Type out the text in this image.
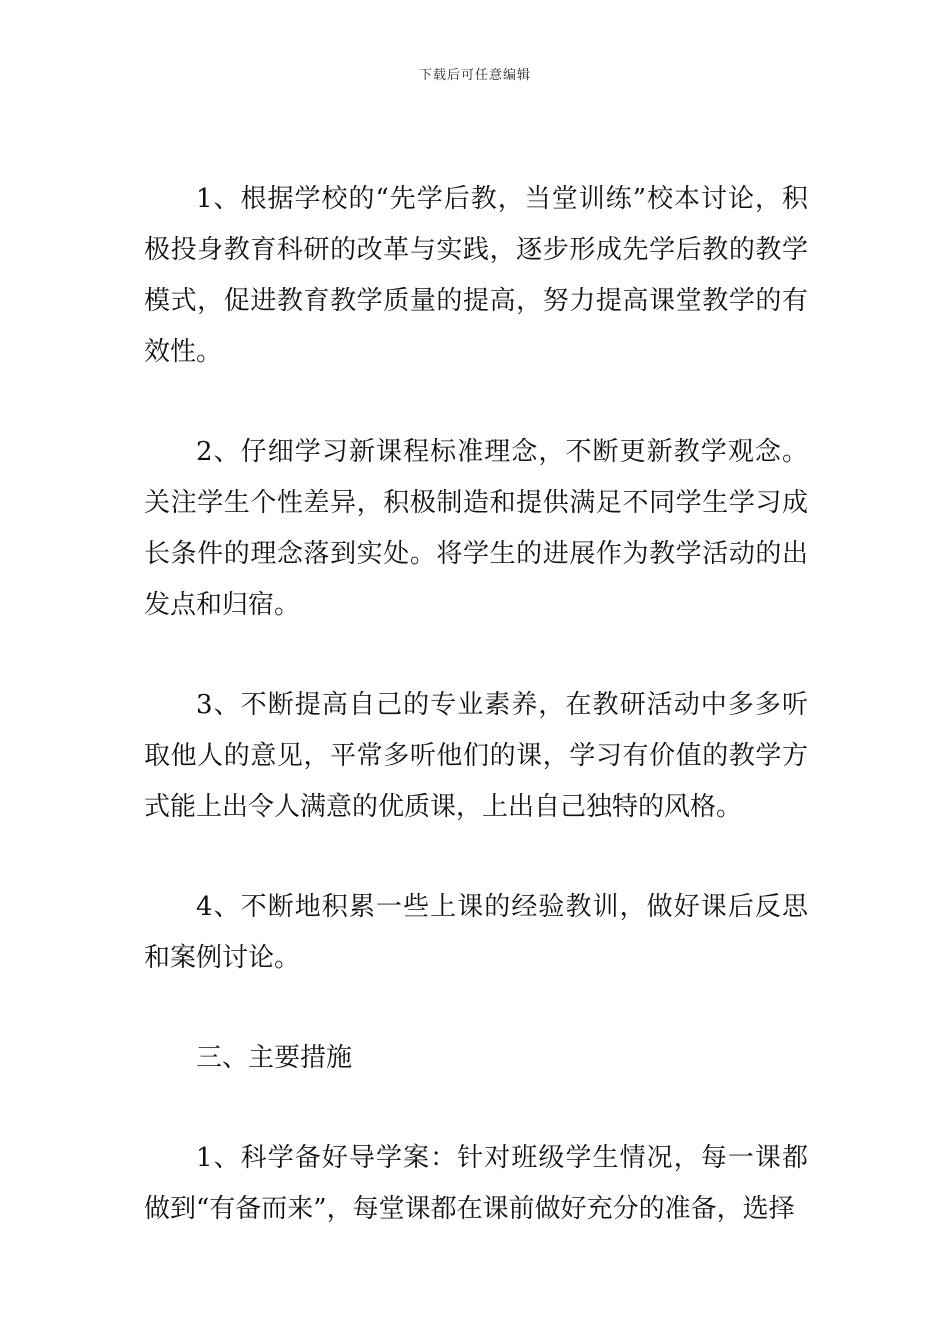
下载后可任意编辑

1、根据学校的“先学后教，当堂训练”校本讨论，积极投身教育科研的改革与实践，逐步形成先学后教的教学模式，促进教育教学质量的提高，努力提高课堂教学的有效性。

2、仔细学习新课程标准理念，不断更新教学观念。关注学生个性差异，积极制造和提供满足不同学生学习成长条件的理念落到实处。将学生的进展作为教学活动的出发点和归宿。

3、不断提高自己的专业素养，在教研活动中多多听取他人的意见，平常多听他们的课，学习有价值的教学方式能上出令人满意的优质课，上出自己独特的风格。

4、不断地积累一些上课的经验教训，做好课后反思和案例讨论。

三、主要措施

1、科学备好导学案：针对班级学生情况，每一课都做到“有备而来”，每堂课都在课前做好充分的准备，选择
